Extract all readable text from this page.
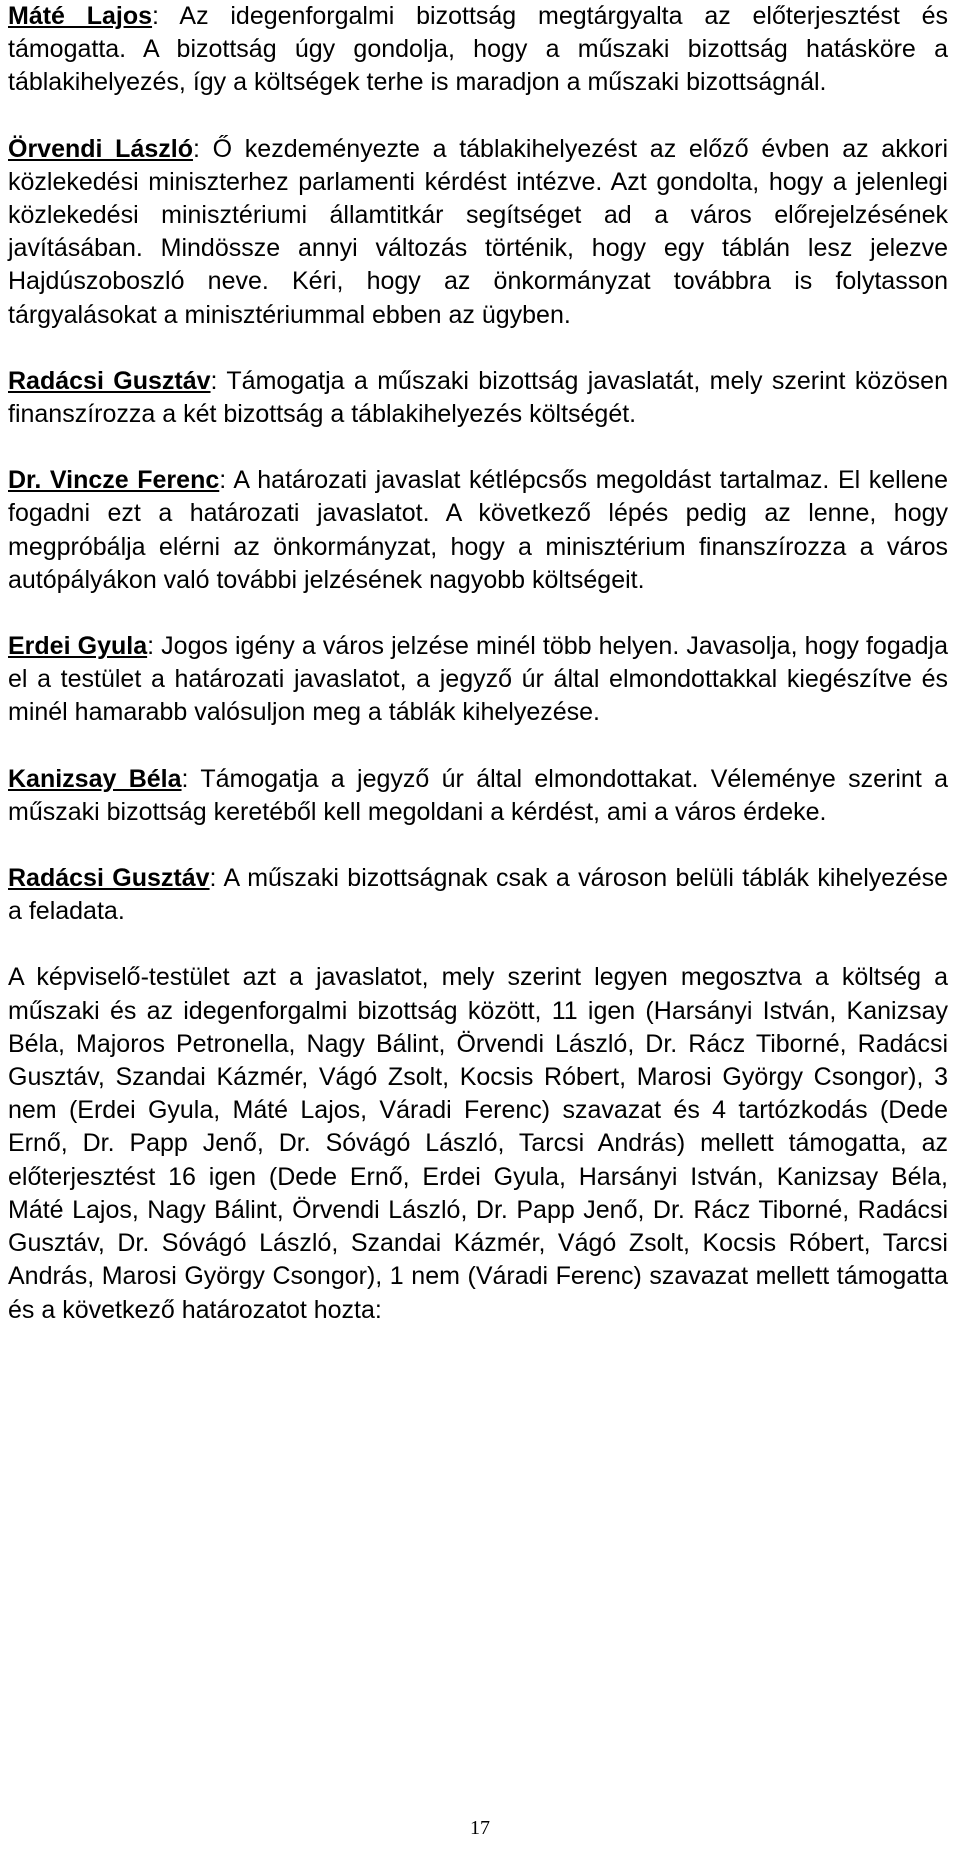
Máté Lajos: Az idegenforgalmi bizottság megtárgyalta az előterjesztést és támogatta. A bizottság úgy gondolja, hogy a műszaki bizottság hatásköre a táblakihelyezés, így a költségek terhe is maradjon a műszaki bizottságnál.

Örvendi László: Ő kezdeményezte a táblakihelyezést az előző évben az akkori közlekedési miniszterhez parlamenti kérdést intézve. Azt gondolta, hogy a jelenlegi közlekedési minisztériumi államtitkár segítséget ad a város előrejelzésének javításában. Mindössze annyi változás történik, hogy egy táblán lesz jelezve Hajdúszoboszló neve. Kéri, hogy az önkormányzat továbbra is folytasson tárgyalásokat a minisztériummal ebben az ügyben.

Radácsi Gusztáv: Támogatja a műszaki bizottság javaslatát, mely szerint közösen finanszírozza a két bizottság a táblakihelyezés költségét.

Dr. Vincze Ferenc: A határozati javaslat kétlépcsős megoldást tartalmaz. El kellene fogadni ezt a határozati javaslatot. A következő lépés pedig az lenne, hogy megpróbálja elérni az önkormányzat, hogy a minisztérium finanszírozza a város autópályákon való további jelzésének nagyobb költségeit.

Erdei Gyula: Jogos igény a város jelzése minél több helyen. Javasolja, hogy fogadja el a testület a határozati javaslatot, a jegyző úr által elmondottakkal kiegészítve és minél hamarabb valósuljon meg a táblák kihelyezése.

Kanizsay Béla: Támogatja a jegyző úr által elmondottakat. Véleménye szerint a műszaki bizottság keretéből kell megoldani a kérdést, ami a város érdeke.

Radácsi Gusztáv: A műszaki bizottságnak csak a városon belüli táblák kihelyezése a feladata.

A képviselő-testület azt a javaslatot, mely szerint legyen megosztva a költség a műszaki és az idegenforgalmi bizottság között, 11 igen (Harsányi István, Kanizsay Béla, Majoros Petronella, Nagy Bálint, Örvendi László, Dr. Rácz Tiborné, Radácsi Gusztáv, Szandai Kázmér, Vágó Zsolt, Kocsis Róbert, Marosi György Csongor), 3 nem (Erdei Gyula, Máté Lajos, Váradi Ferenc) szavazat és 4 tartózkodás (Dede Ernő, Dr. Papp Jenő, Dr. Sóvágó László, Tarcsi András) mellett támogatta, az előterjesztést 16 igen (Dede Ernő, Erdei Gyula, Harsányi István, Kanizsay Béla, Máté Lajos, Nagy Bálint, Örvendi László, Dr. Papp Jenő, Dr. Rácz Tiborné, Radácsi Gusztáv, Dr. Sóvágó László, Szandai Kázmér, Vágó Zsolt, Kocsis Róbert, Tarcsi András, Marosi György Csongor), 1 nem (Váradi Ferenc) szavazat mellett támogatta és a következő határozatot hozta:

17
